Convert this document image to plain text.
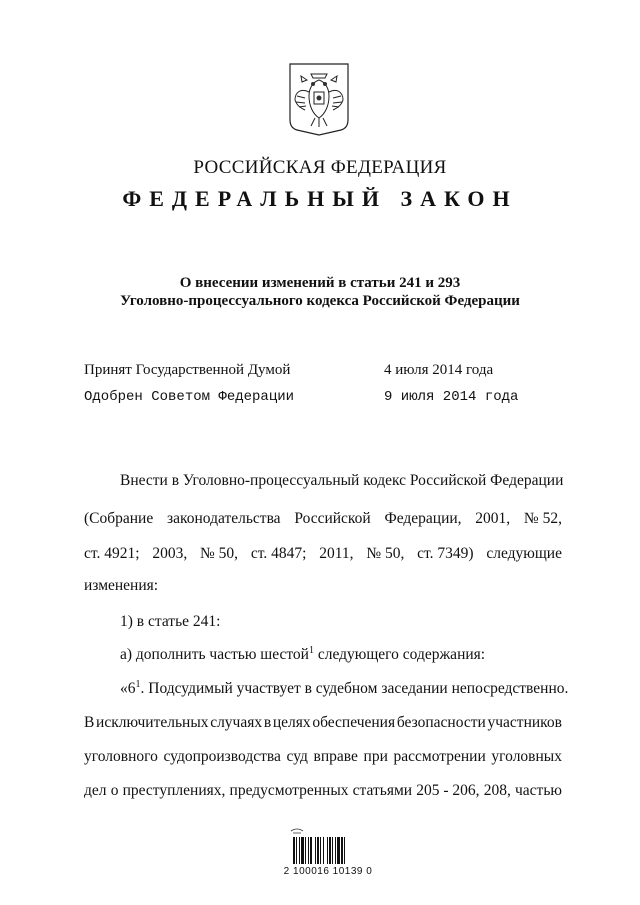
РОССИЙСКАЯ ФЕДЕРАЦИЯ
ФЕДЕРАЛЬНЫЙ ЗАКОН
О внесении изменений в статьи 241 и 293
Уголовно-процессуального кодекса Российской Федерации
Принят Государственной Думой	4 июля 2014 года
Одобрен Советом Федерации	9 июля 2014 года
Внести в Уголовно-процессуальный кодекс Российской Федерации
(Собрание законодательства Российской Федерации, 2001, № 52,
ст. 4921; 2003, № 50, ст. 4847; 2011, № 50, ст. 7349) следующие
изменения:
1) в статье 241:
а) дополнить частью шестой$^1$ следующего содержания:
«$6^1$. Подсудимый участвует в судебном заседании непосредственно.
В исключительных случаях в целях обеспечения безопасности участников
уголовного судопроизводства суд вправе при рассмотрении уголовных
дел о преступлениях, предусмотренных статьями 205 - 206, 208, частью
2 100016 10139 0
